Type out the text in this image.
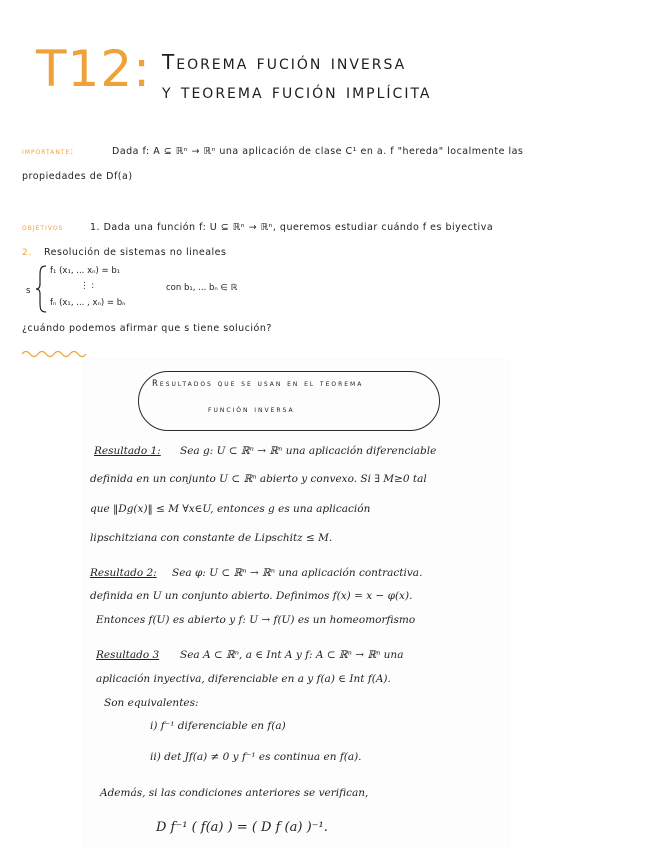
T12: Teorema fución inversa
y teorema fución implícita
importante:	Dada f: A ⊆ ℝⁿ → ℝⁿ una aplicación de clase C¹ en a. f "hereda" localmente las
propiedades de Df(a)
objetivos	1. Dada una función f: U ⊆ ℝⁿ → ℝⁿ, queremos estudiar cuándo f es biyectiva
2. Resolución de sistemas no lineales
s
f₁ (x₁, ... xₙ) = b₁
⋮ :
fₙ (x₁, ... , xₙ) = bₙ
con b₁, ... bₙ ∈ ℝ
¿cuándo podemos afirmar que s tiene solución?
Resultados que se usan en el teorema
función inversa
Resultado 1: Sea g: U ⊂ ℝⁿ → ℝⁿ una aplicación diferenciable
definida en un conjunto U ⊂ ℝⁿ abierto y convexo. Si ∃ M≥0 tal
que ‖Dg(x)‖ ≤ M ∀x∈U, entonces g es una aplicación
lipschitziana con constante de Lipschitz ≤ M.
Resultado 2: Sea φ: U ⊂ ℝⁿ → ℝⁿ una aplicación contractiva.
definida en U un conjunto abierto. Definimos f(x) = x − φ(x).
Entonces f(U) es abierto y f: U → f(U) es un homeomorfismo
Resultado 3 Sea A ⊂ ℝⁿ, a ∈ Int A y f: A ⊂ ℝⁿ → ℝⁿ una
aplicación inyectiva, diferenciable en a y f(a) ∈ Int f(A).
Son equivalentes:
i) f⁻¹ diferenciable en f(a)
ii) det Jf(a) ≠ 0 y f⁻¹ es continua en f(a).
Además, si las condiciones anteriores se verifican,
D f⁻¹ ( f(a) ) = ( D f (a) )⁻¹.
